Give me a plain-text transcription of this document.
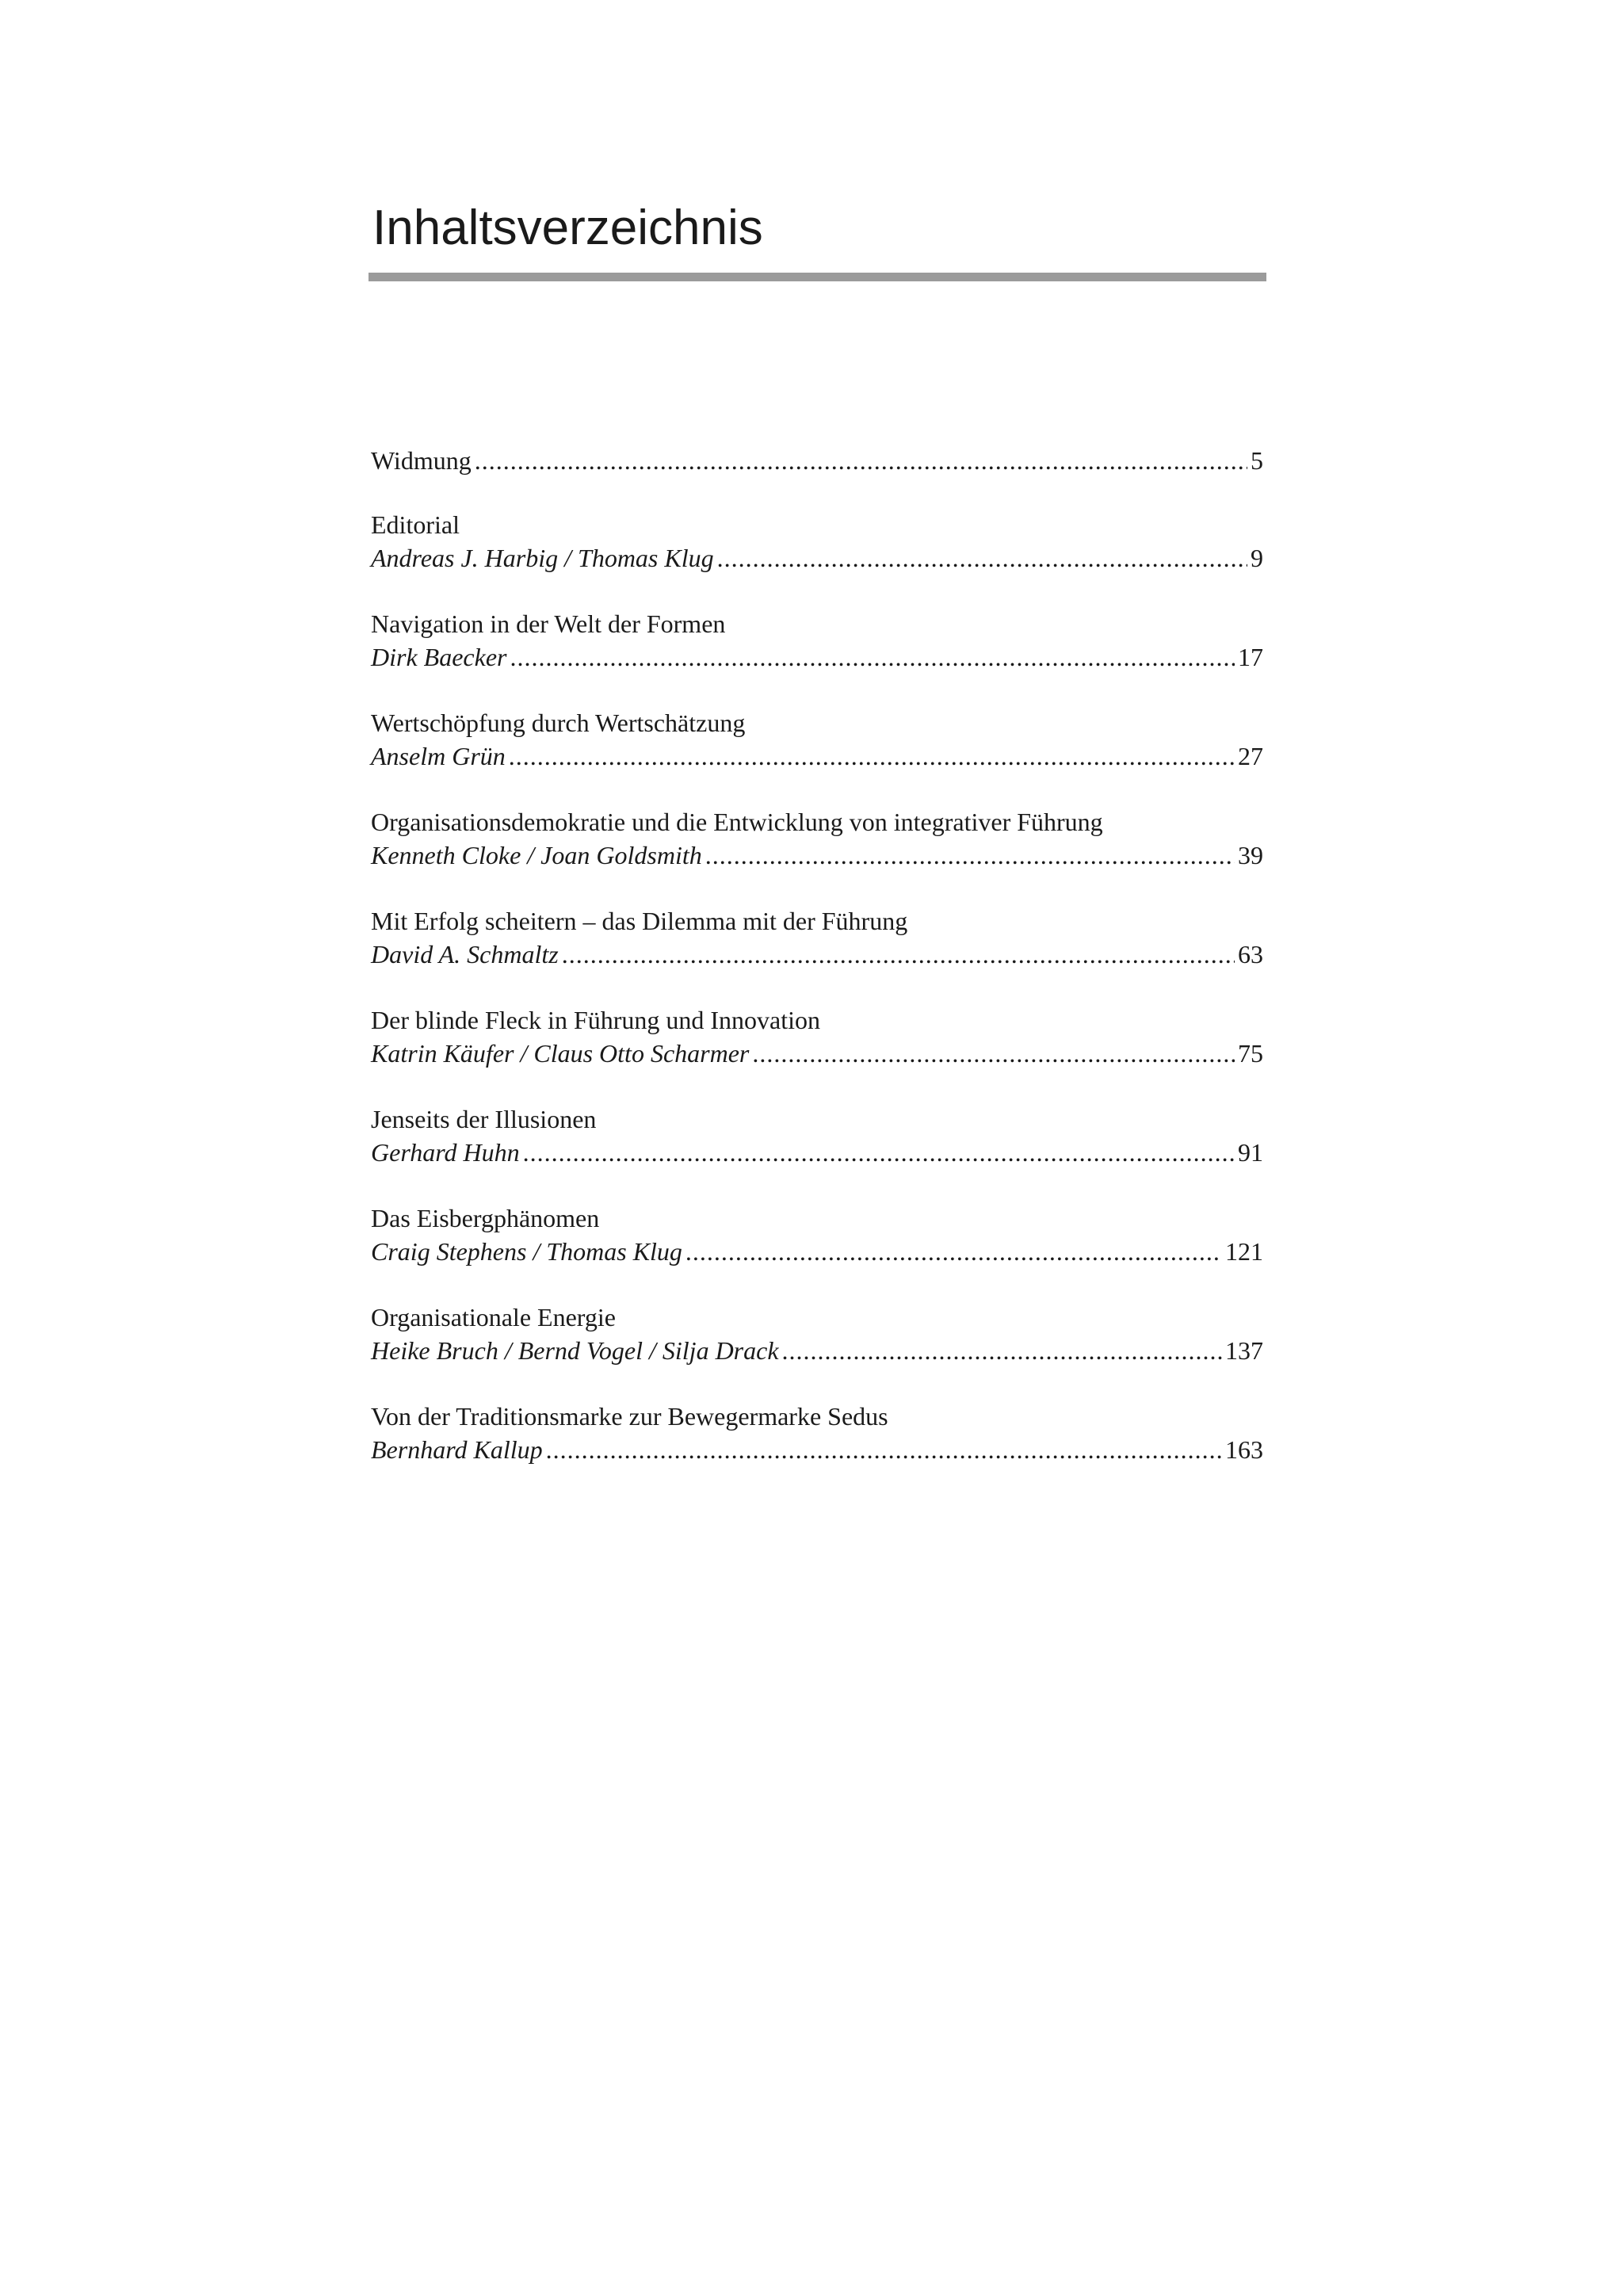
Inhaltsverzeichnis
Widmung .....	5
Editorial
Andreas J. Harbig / Thomas Klug .....	9
Navigation in der Welt der Formen
Dirk Baecker .....	17
Wertschöpfung durch Wertschätzung
Anselm Grün .....	27
Organisationsdemokratie und die Entwicklung von integrativer Führung
Kenneth Cloke / Joan Goldsmith .....	39
Mit Erfolg scheitern – das Dilemma mit der Führung
David A. Schmaltz .....	63
Der blinde Fleck in Führung und Innovation
Katrin Käufer / Claus Otto Scharmer .....	75
Jenseits der Illusionen
Gerhard Huhn .....	91
Das Eisbergphänomen
Craig Stephens / Thomas Klug .....	121
Organisationale Energie
Heike Bruch / Bernd Vogel / Silja Drack .....	137
Von der Traditionsmarke zur Bewegermarke Sedus
Bernhard Kallup .....	163
